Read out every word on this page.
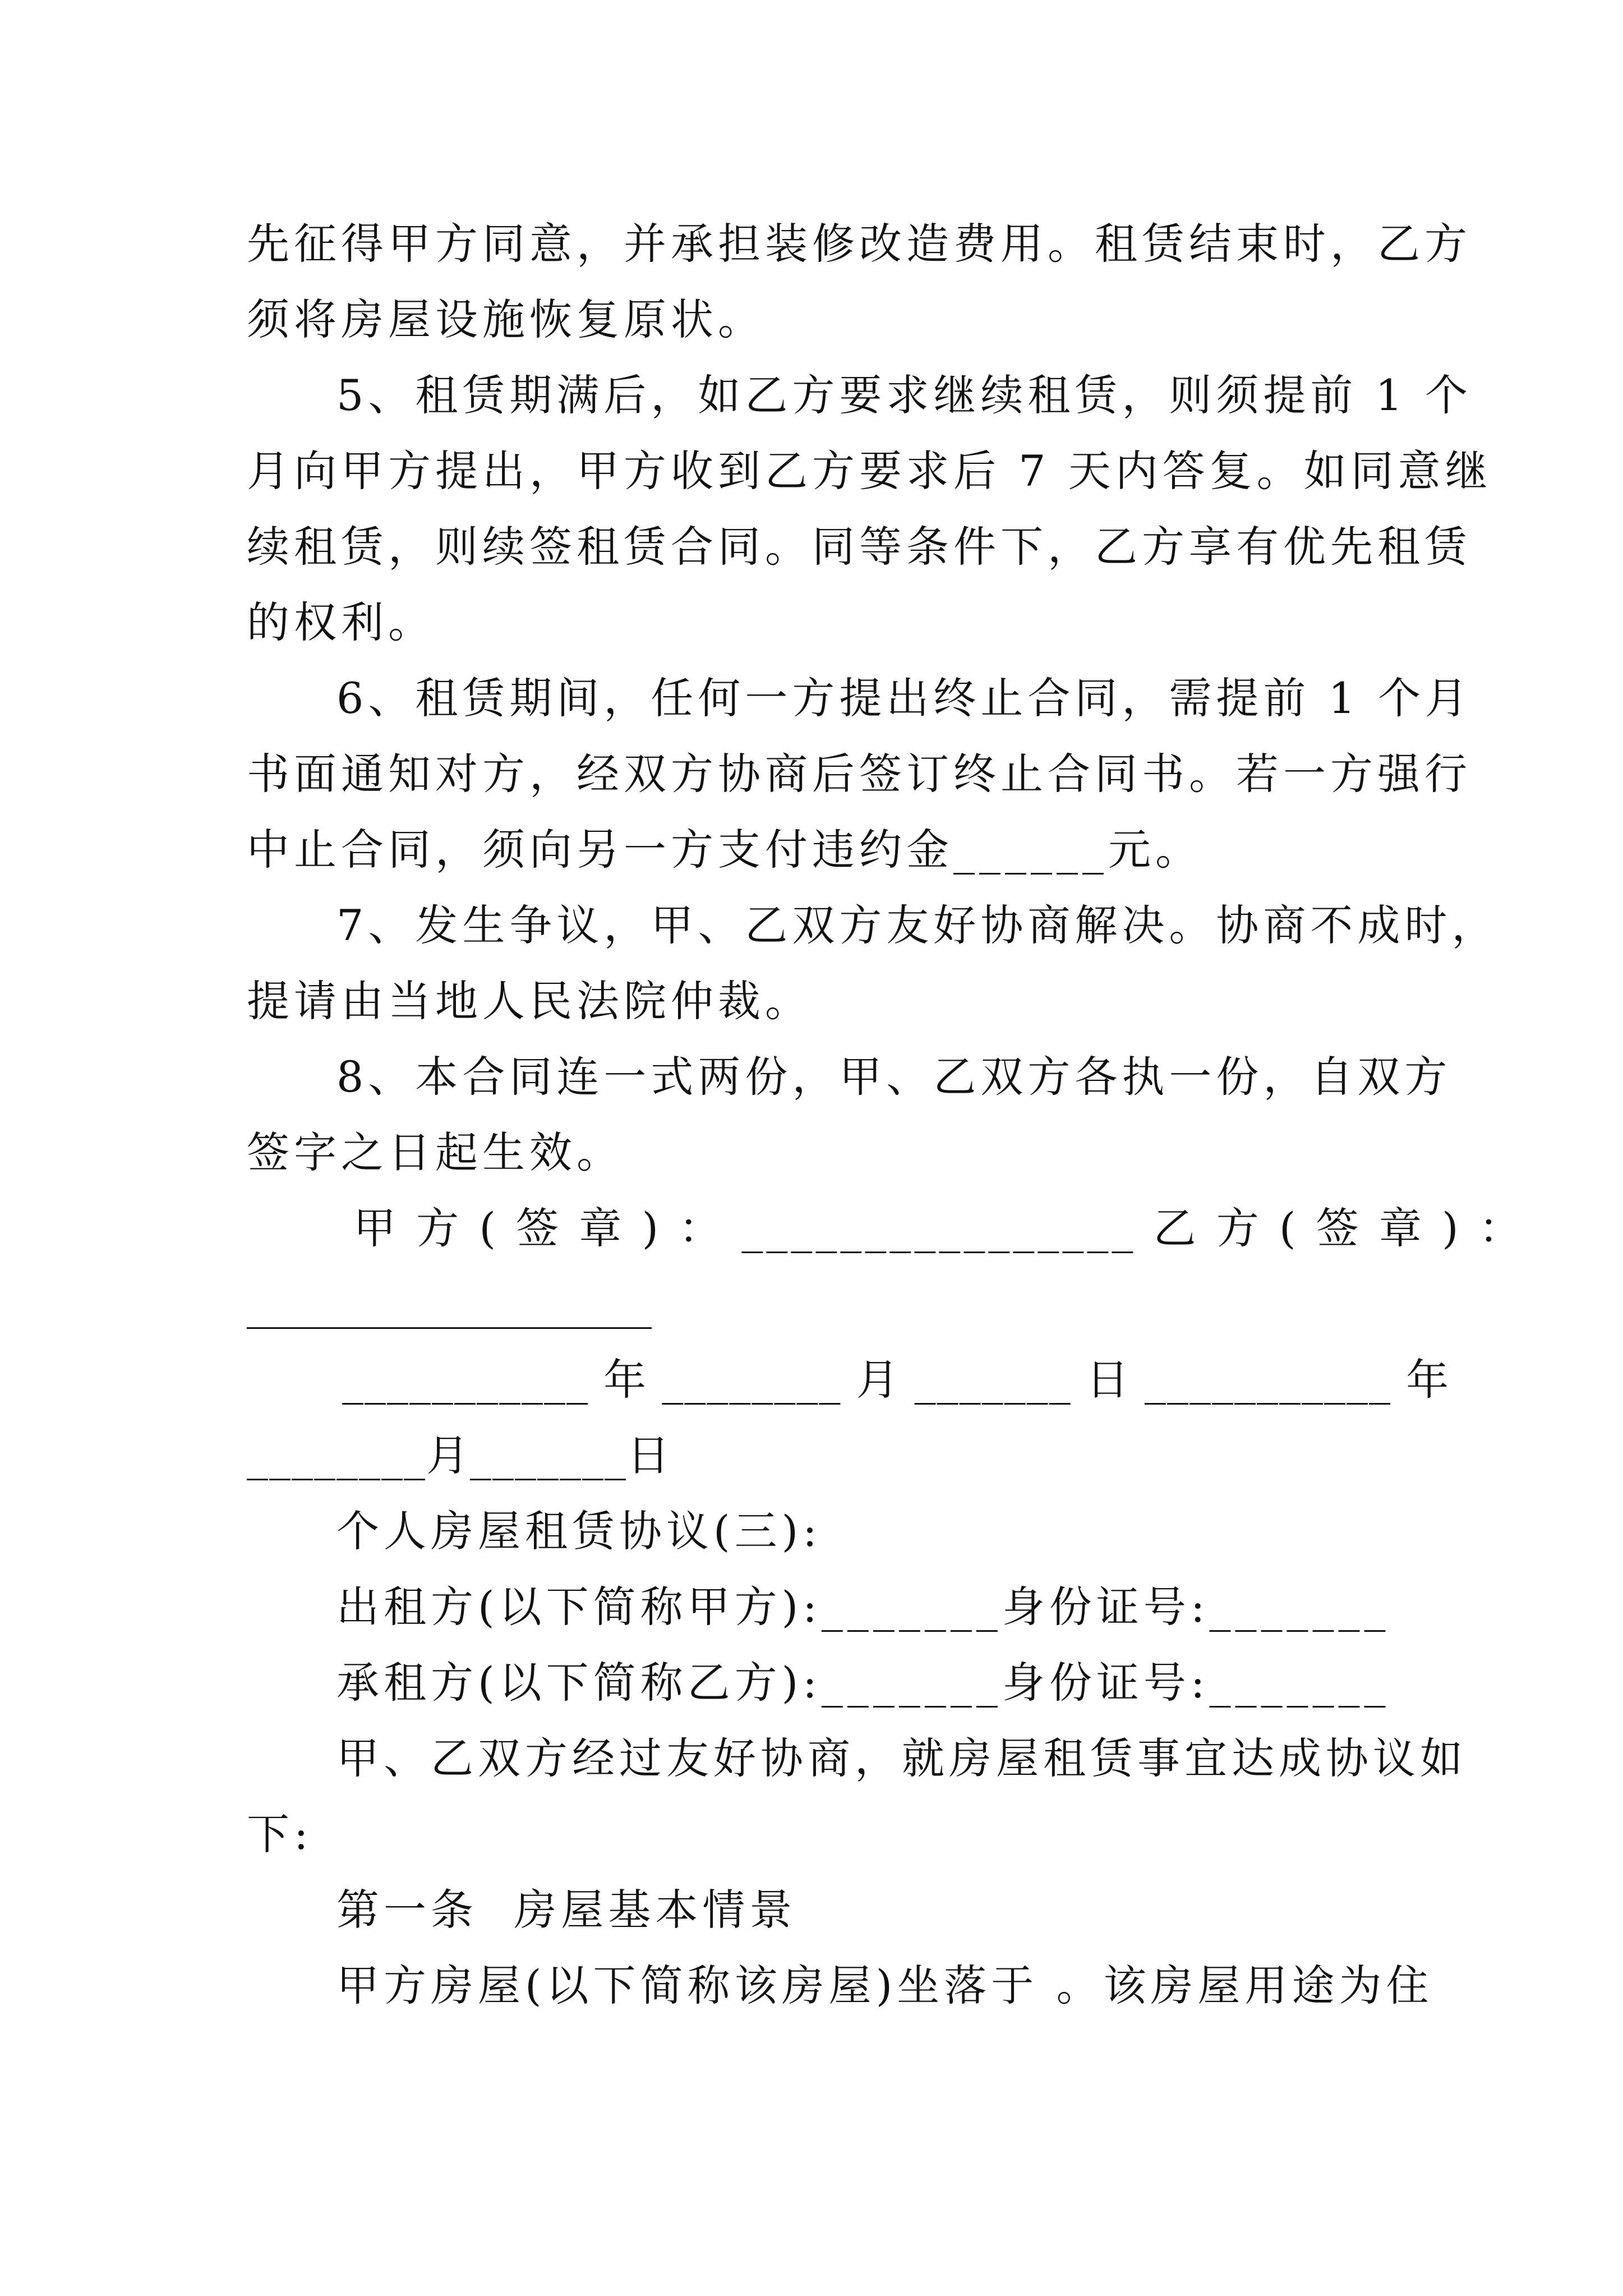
先征得甲方同意，并承担装修改造费用。租赁结束时，乙方
须将房屋设施恢复原状。
5、租赁期满后，如乙方要求继续租赁，则须提前 1 个
月向甲方提出，甲方收到乙方要求后 7 天内答复。如同意继
续租赁，则续签租赁合同。同等条件下，乙方享有优先租赁
的权利。
6、租赁期间，任何一方提出终止合同，需提前 1 个月
书面通知对方，经双方协商后签订终止合同书。若一方强行
中止合同，须向另一方支付违约金______元。
7、发生争议，甲、乙双方友好协商解决。协商不成时，
提请由当地人民法院仲裁。
8、本合同连一式两份，甲、乙双方各执一份，自双方
签字之日起生效。
甲 方 ( 签 章 ) ： ________________ 乙 方 ( 签 章 ) ：
___________________
___________ 年 ________ 月 _______ 日 ___________ 年
________月_______日
个人房屋租赁协议(三):
出租方(以下简称甲方):_______身份证号:_______
承租方(以下简称乙方):_______身份证号:_______
甲、乙双方经过友好协商，就房屋租赁事宜达成协议如
下:
第一条  房屋基本情景
甲方房屋(以下简称该房屋)坐落于 。该房屋用途为住
